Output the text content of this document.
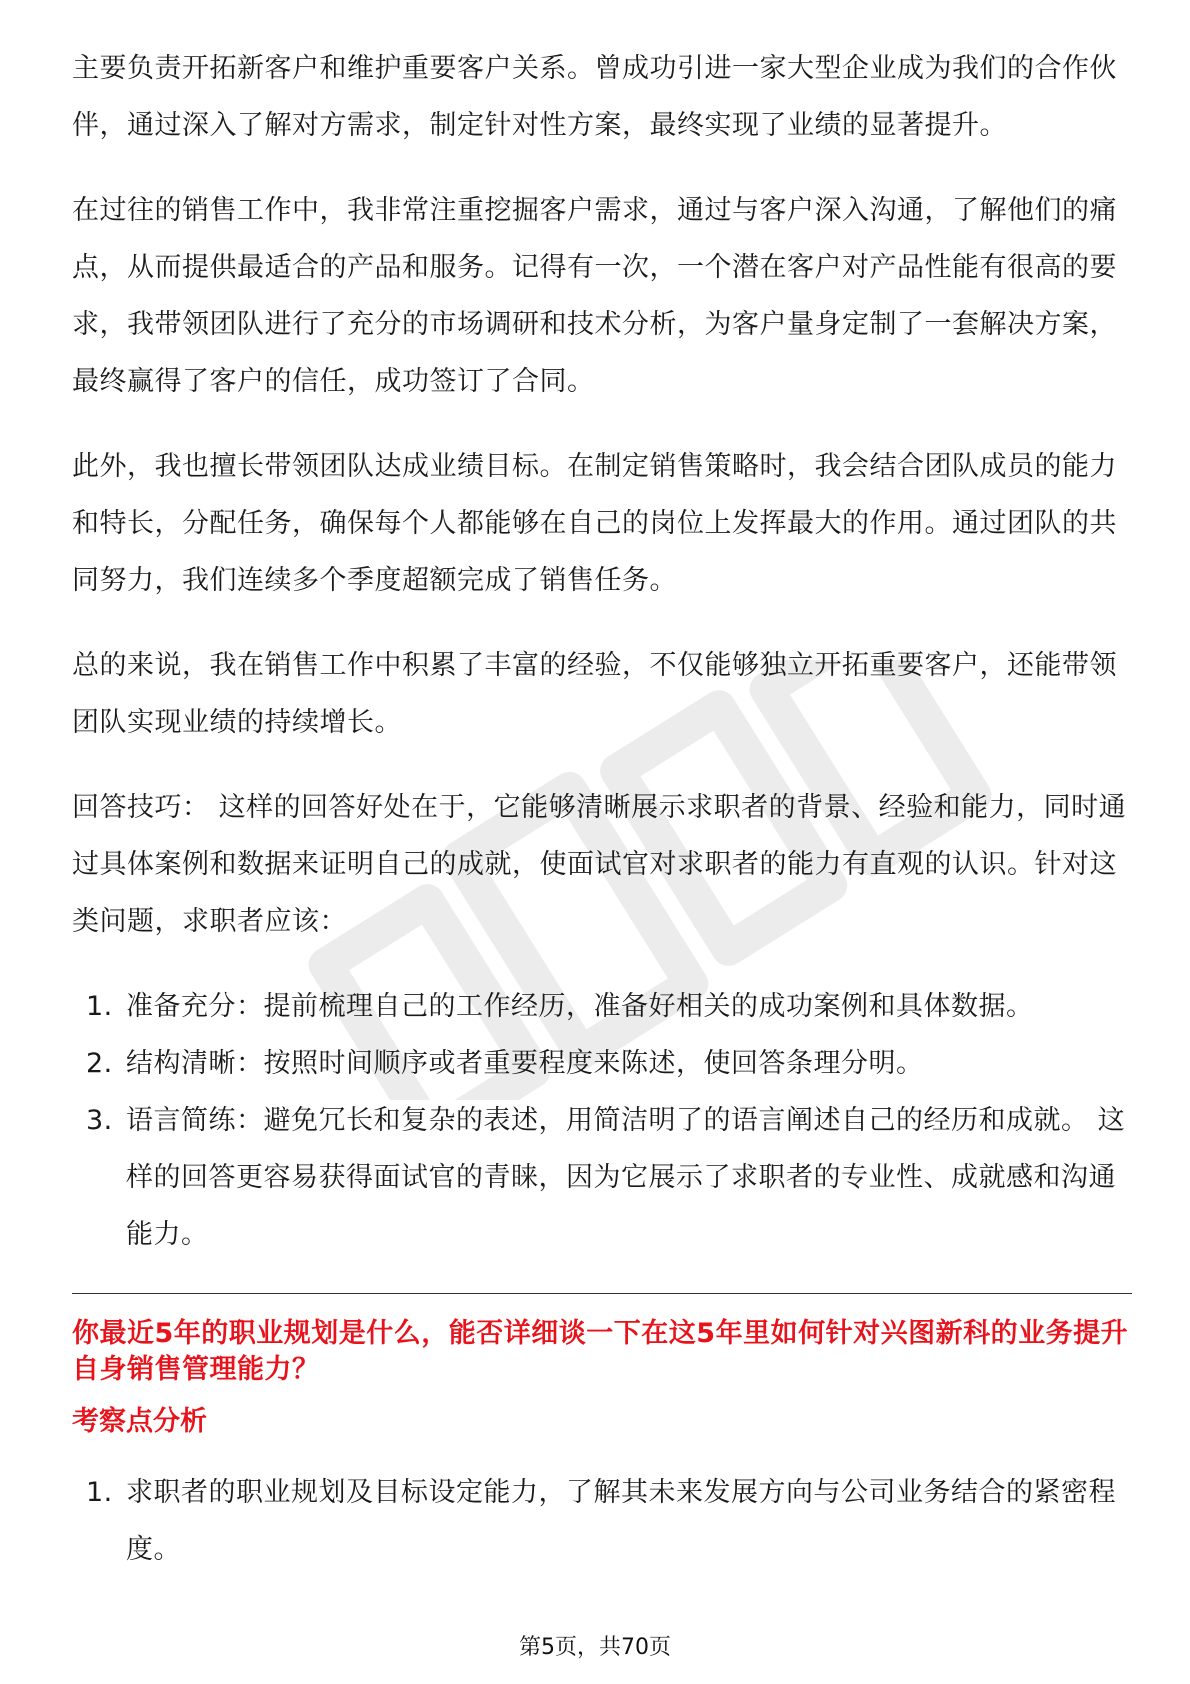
主要负责开拓新客户和维护重要客户关系。曾成功引进一家大型企业成为我们的合作伙伴，通过深入了解对方需求，制定针对性方案，最终实现了业绩的显著提升。

在过往的销售工作中，我非常注重挖掘客户需求，通过与客户深入沟通，了解他们的痛点，从而提供最适合的产品和服务。记得有一次，一个潜在客户对产品性能有很高的要求，我带领团队进行了充分的市场调研和技术分析，为客户量身定制了一套解决方案，最终赢得了客户的信任，成功签订了合同。

此外，我也擅长带领团队达成业绩目标。在制定销售策略时，我会结合团队成员的能力和特长，分配任务，确保每个人都能够在自己的岗位上发挥最大的作用。通过团队的共同努力，我们连续多个季度超额完成了销售任务。

总的来说，我在销售工作中积累了丰富的经验，不仅能够独立开拓重要客户，还能带领团队实现业绩的持续增长。

回答技巧： 这样的回答好处在于，它能够清晰展示求职者的背景、经验和能力，同时通过具体案例和数据来证明自己的成就，使面试官对求职者的能力有直观的认识。针对这类问题，求职者应该：

1. 准备充分：提前梳理自己的工作经历，准备好相关的成功案例和具体数据。
2. 结构清晰：按照时间顺序或者重要程度来陈述，使回答条理分明。
3. 语言简练：避免冗长和复杂的表述，用简洁明了的语言阐述自己的经历和成就。 这样的回答更容易获得面试官的青睐，因为它展示了求职者的专业性、成就感和沟通能力。
你最近5年的职业规划是什么，能否详细谈一下在这5年里如何针对兴图新科的业务提升自身销售管理能力？
考察点分析
1. 求职者的职业规划及目标设定能力，了解其未来发展方向与公司业务结合的紧密程度。
第5页，共70页
